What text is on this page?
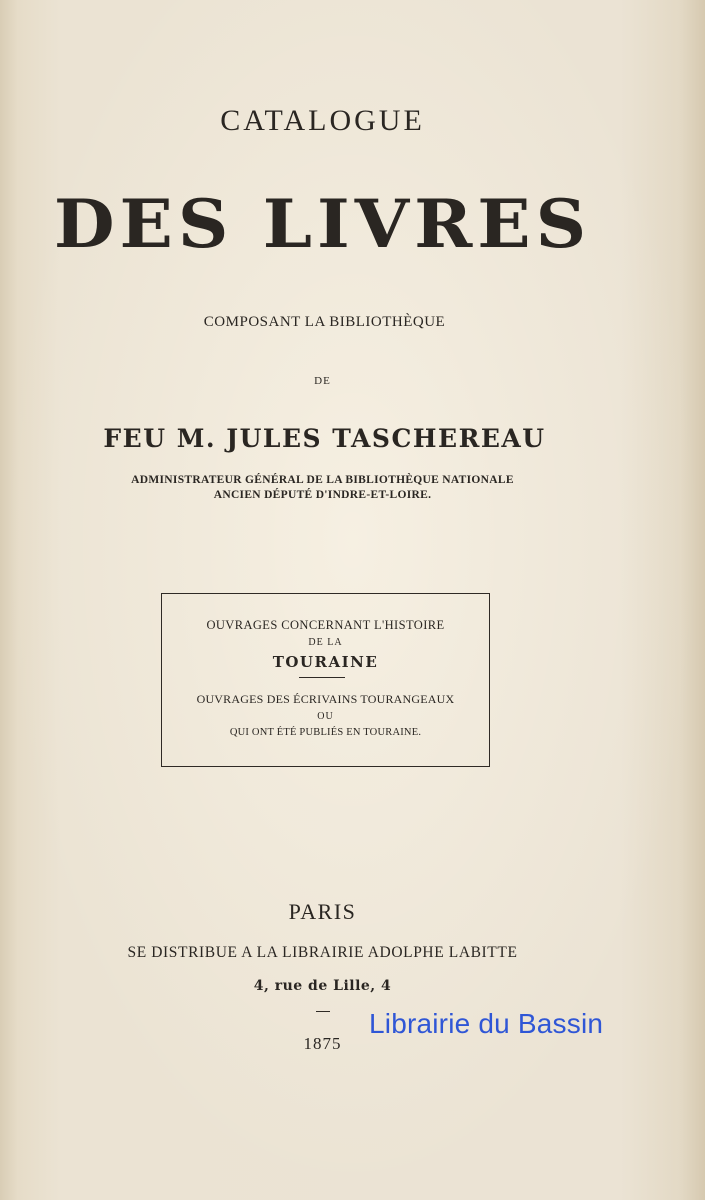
CATALOGUE
DES LIVRES
COMPOSANT LA BIBLIOTHÈQUE
DE
FEU M. JULES TASCHEREAU
ADMINISTRATEUR GÉNÉRAL DE LA BIBLIOTHÈQUE NATIONALE
ANCIEN DÉPUTÉ D'INDRE-ET-LOIRE.
OUVRAGES CONCERNANT L'HISTOIRE
DE LA
TOURAINE
OUVRAGES DES ÉCRIVAINS TOURANGEAUX
OU
QUI ONT ÉTÉ PUBLIÉS EN TOURAINE.
PARIS
SE DISTRIBUE A LA LIBRAIRIE ADOLPHE LABITTE
4, rue de Lille, 4
1875
Librairie du Bassin
